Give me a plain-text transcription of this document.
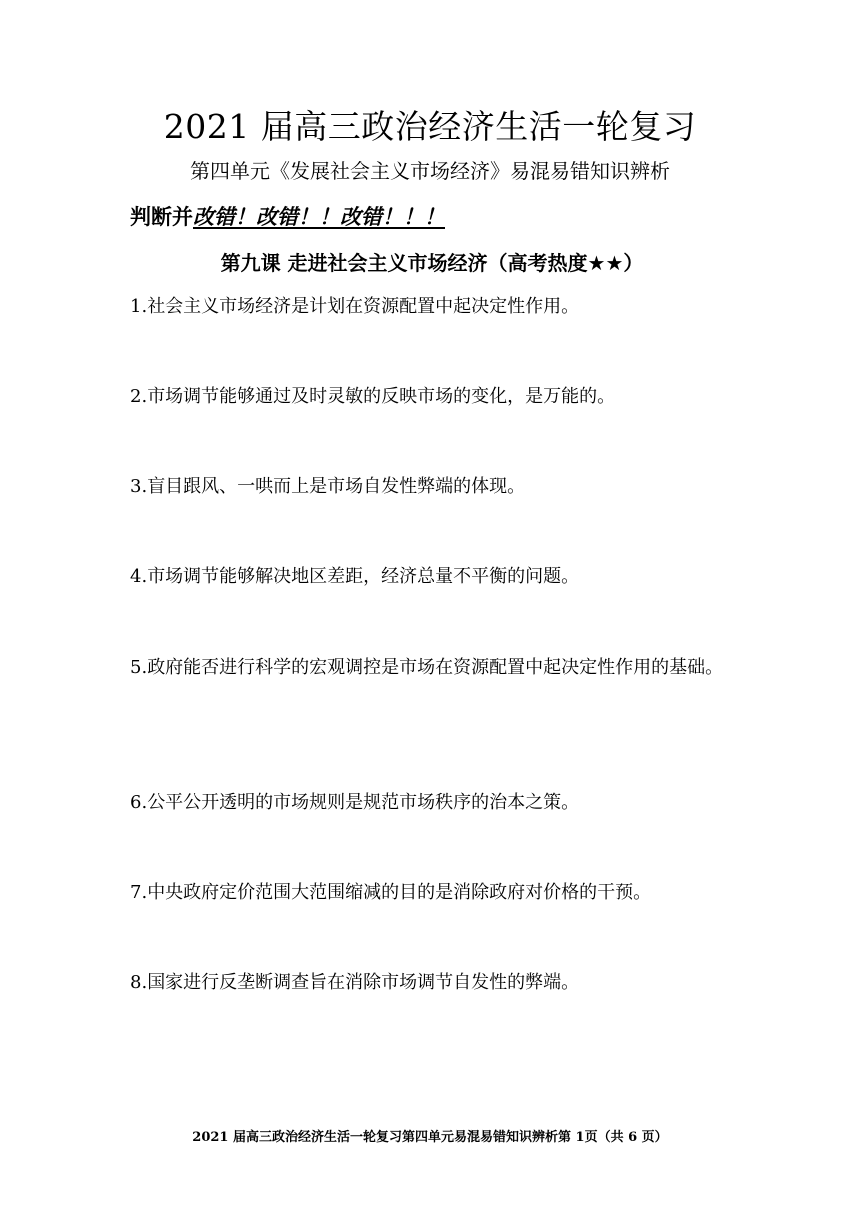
2021 届高三政治经济生活一轮复习
第四单元《发展社会主义市场经济》易混易错知识辨析
判断并改错！改错！！改错！！！
第九课 走进社会主义市场经济（高考热度★★）
1.社会主义市场经济是计划在资源配置中起决定性作用。
2.市场调节能够通过及时灵敏的反映市场的变化，是万能的。
3.盲目跟风、一哄而上是市场自发性弊端的体现。
4.市场调节能够解决地区差距，经济总量不平衡的问题。
5.政府能否进行科学的宏观调控是市场在资源配置中起决定性作用的基础。
6.公平公开透明的市场规则是规范市场秩序的治本之策。
7.中央政府定价范围大范围缩减的目的是消除政府对价格的干预。
8.国家进行反垄断调查旨在消除市场调节自发性的弊端。
2021 届高三政治经济生活一轮复习第四单元易混易错知识辨析第 1页（共 6 页）
